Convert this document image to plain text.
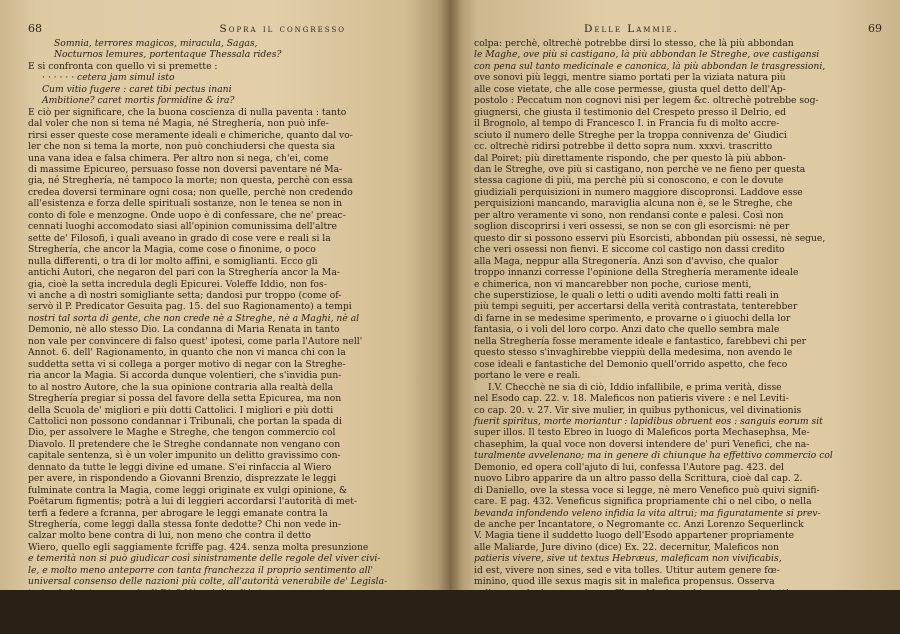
68	Sopra il congresso
Somnia, terrores magicos, miracula, Sagas,
Nocturnos lemures, portentaque Thessala rides?
E si confronta con quello vi si premette :
· · · · · · cetera jam simul isto
Cum vitio fugere : caret tibi pectus inani
Ambitione? caret mortis formidine & ira?
E ciò per significare, che la buona coscienza di nulla paventa : tanto
dal voler che non si tema né Magia, né Streghería, non può infe-
rirsi esser queste cose meramente ideali e chimeriche, quanto dal vo-
ler che non si tema la morte, non può conchiudersi che questa sia
una vana idea e falsa chimera. Per altro non si nega, ch'ei, come
di massime Epicureo, persuaso fosse non doversi paventare né Ma-
gia, né Streghería, né tampoco la morte; non questa, perchè con essa
credea doversi terminare ogni cosa; non quelle, perchè non credendo
all'esistenza e forza delle spirituali sostanze, non le tenea se non in
conto di fole e menzogne. Onde uopo è di confessare, che ne' preac-
cennati luoghi accomodato siasi all'opinion comunissima dell'altre
sette de' Filosofi, i quali aveano in grado di cose vere e reali si la
Streghería, che ancor la Magia, come cose o finonime, o poco
nulla differenti, o tra di lor molto affini, e somiglianti. Ecco gli
antichi Autori, che negaron del pari con la Streghería ancor la Ma-
gia, cioè la setta incredula degli Epicurei. Voleffe Iddio, non fos-
vi anche a dì nostri somigliante setta; dandosi pur troppo (come of-
servò il P. Predicator Gesuita pag. 15. del suo Ragionamento) a tempi
nostri tal sorta di gente, che non crede nè a Streghe, nè a Maghi, nè al
Demonio, nè allo stesso Dio. La condanna di Maria Renata in tanto
non vale per convincere di falso quest' ipotesi, come parla l'Autore nell'
Annot. 6. dell' Ragionamento, in quanto che non vi manca chi con la
suddetta setta vi si collega a porger motivo di negar con la Streghe-
ria ancor la Magia. Si accorda dunque volentieri, che s'invidia pun-
to al nostro Autore, che la sua opinione contraria alla realtà della
Streghería pregiar si possa del favore della setta Epicurea, ma non
della Scuola de' migliori e più dotti Cattolici. I migliori e più dotti
Cattolici non possono condannar i Tribunali, che portan la spada di
Dio, per assolvere le Maghe e Streghe, che tengon commercio col
Diavolo. Il pretendere che le Streghe condannate non vengano con
capitale sentenza, sì è un voler impunito un delitto gravissimo con-
dennato da tutte le leggi divine ed umane. S'ei rinfaccia al Wiero
per avere, in rispondendo a Giovanni Brenzio, disprezzate le leggi
fulminate contra la Magia, come leggi originate ex vulgi opinione, &
Poëtarum figmentis; potrà a lui di leggieri accordarsi l'autorità di met-
terfi a federe a fcranna, per abrogare le leggi emanate contra la
Streghería, come leggi dalla stessa fonte dedotte? Chi non vede in-
calzar molto bene contra di lui, non meno che contra il detto
Wiero, quello egli saggiamente fcriffe pag. 424. senza molta presunzione
e temerità non si può giudicar così sinistramente delle regole del viver civi-
le, e molto meno anteporre con tanta franchezza il proprio sentimento all'
universal consenso delle nazioni più colte, all'autorità venerabile de' Legisla-
tori, ed alla stessa parola di Dio? Nè qui dica l'Autore, come nel
nuovo Lib. pag. 119. 120. che là più abbondan le Streghe, ove più si
castigano, e però doversi ommettere la pena per non dar credito alla
colpa:
Delle Lammie.	69
colpa: perchè, oltrechè potrebbe dirsi lo stesso, che là più abbondan
le Maghe, ove più si castigano, là più abbondan le Streghe, ove castigansi
con pena sul tanto medicinale e canonica, là più abbondan le trasgressioni,
ove sonovi più leggi, mentre siamo portati per la viziata natura più
alle cose vietate, che alle cose permesse, giusta quel detto dell'Ap-
postolo : Peccatum non cognovi nisi per legem &c. oltrechè potrebbe sog-
giugnersi, che giusta il testimonio del Crespeto presso il Delrio, ed
il Brognolo, al tempo di Francesco I. in Francia fu di molto accre-
sciuto il numero delle Streghe per la troppa connivenza de' Giudici
cc. oltrechè ridirsi potrebbe il detto sopra num. xxxvi. trascritto
dal Poiret; più direttamente rispondo, che per questo là più abbon-
dan le Streghe, ove più si castigano, non perchè ve ne fieno per questa
stessa cagione di più, ma perchè più si conoscono, e con le dovute
giudiziali perquisizioni in numero maggiore discopronsi. Laddove esse
perquisizioni mancando, maraviglia alcuna non è, se le Streghe, che
per altro veramente vi sono, non rendansi conte e palesi. Così non
soglion discoprirsi i veri ossessi, se non se con gli esorcismi: nè per
questo dir si possono esservi più Esorcisti, abbondan più ossessi, nè segue,
che veri ossessi non fienvi. E siccome col castigo non dassi credito
alla Maga, neppur alla Stregonería. Anzi son d'avviso, che qualor
troppo innanzi corresse l'opinione della Streghería meramente ideale
e chimerica, non vi mancarebber non poche, curiose menti,
che superstiziose, le quali o letti o uditi avendo molti fatti reali in
più tempi seguiti, per accertarsi della verità contrastata, tenterebber
di farne in se medesime sperimento, e provarne o i giuochi della lor
fantasia, o i voli del loro corpo. Anzi dato che quello sembra male
nella Streghería fosse meramente ideale e fantastico, farebbevi chi per
questo stesso s'invaghirebbe vieppiù della medesima, non avendo le
cose ideali e fantastiche del Demonio quell'orrido aspetto, che feco
portano le vere e reali.
I.V. Checchè ne sia di ciò, Iddio infallibile, e prima verità, disse
nel Esodo cap. 22. v. 18. Maleficos non patieris vivere : e nel Leviti-
co cap. 20. v. 27. Vir sive mulier, in quibus pythonicus, vel divinationis
fuerit spiritus, morte moriantur : lapidibus obruent eos : sanguis eorum sit
super illos. Il testo Ebreo in luogo di Maleficos porta Mechasephsa, Me-
chasephim, la qual voce non doversi intendere de' puri Venefici, che na-
turalmente avvelenano; ma in genere di chiunque ha effettivo commercio col
Demonio, ed opera coll'ajuto di lui, confessa l'Autore pag. 423. del
nuovo Libro apparire da un altro passo della Scrittura, cioè dal cap. 2.
di Daniello, ove la stessa voce si legge, nè mero Venefico può quivi signifi-
care. E pag. 432. Veneficus significa propriamente chi o nel cibo, o nella
bevanda infondendo veleno infidia la vita altrui; ma figuratamente si prev-
de anche per Incantatore, o Negromante cc. Anzi Lorenzo Sequerlinck
V. Magia tiene il suddetto luogo dell'Esodo appartener propriamente
alle Maliarde, Jure divino (dice) Ex. 22. decernitur, Maleficos non
patieris vivere, sive ut textus Hebræus, maleficam non vivificabis,
id est, vivere non sines, sed e vita tolles. Utitur autem genere fœ-
minino, quod ille sexus magis sit in malefica propensus. Osserva
egli pure, che la general voce Ebrea Mechasephim comprende tutti
coloro, che pacto cum Dæmone inito fœderantur, e che però sotto di
essa contengonsi venefici, malefici, incantatores, Striges, Lamiæ, Sagæ,
&c.
